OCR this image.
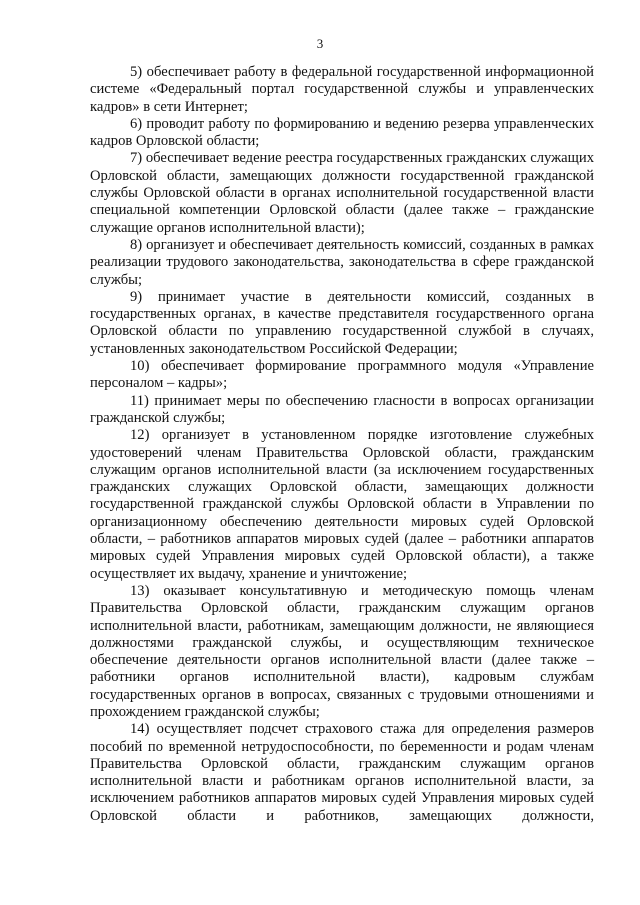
3

5) обеспечивает работу в федеральной государственной информационной системе «Федеральный портал государственной службы и управленческих кадров» в сети Интернет;

6) проводит работу по формированию и ведению резерва управленческих кадров Орловской области;

7) обеспечивает ведение реестра государственных гражданских служащих Орловской области, замещающих должности государственной гражданской службы Орловской области в органах исполнительной государственной власти специальной компетенции Орловской области (далее также – гражданские служащие органов исполнительной власти);

8) организует и обеспечивает деятельность комиссий, созданных в рамках реализации трудового законодательства, законодательства в сфере гражданской службы;

9) принимает участие в деятельности комиссий, созданных в государственных органах, в качестве представителя государственного органа Орловской области по управлению государственной службой в случаях, установленных законодательством Российской Федерации;

10) обеспечивает формирование программного модуля «Управление персоналом – кадры»;

11) принимает меры по обеспечению гласности в вопросах организации гражданской службы;

12) организует в установленном порядке изготовление служебных удостоверений членам Правительства Орловской области, гражданским служащим органов исполнительной власти (за исключением государственных гражданских служащих Орловской области, замещающих должности государственной гражданской службы Орловской области в Управлении по организационному обеспечению деятельности мировых судей Орловской области, – работников аппаратов мировых судей (далее – работники аппаратов мировых судей Управления мировых судей Орловской области), а также осуществляет их выдачу, хранение и уничтожение;

13) оказывает консультативную и методическую помощь членам Правительства Орловской области, гражданским служащим органов исполнительной власти, работникам, замещающим должности, не являющиеся должностями гражданской службы, и осуществляющим техническое обеспечение деятельности органов исполнительной власти (далее также – работники органов исполнительной власти), кадровым службам государственных органов в вопросах, связанных с трудовыми отношениями и прохождением гражданской службы;

14) осуществляет подсчет страхового стажа для определения размеров пособий по временной нетрудоспособности, по беременности и родам членам Правительства Орловской области, гражданским служащим органов исполнительной власти и работникам органов исполнительной власти, за исключением работников аппаратов мировых судей Управления мировых судей Орловской области и работников, замещающих должности,
